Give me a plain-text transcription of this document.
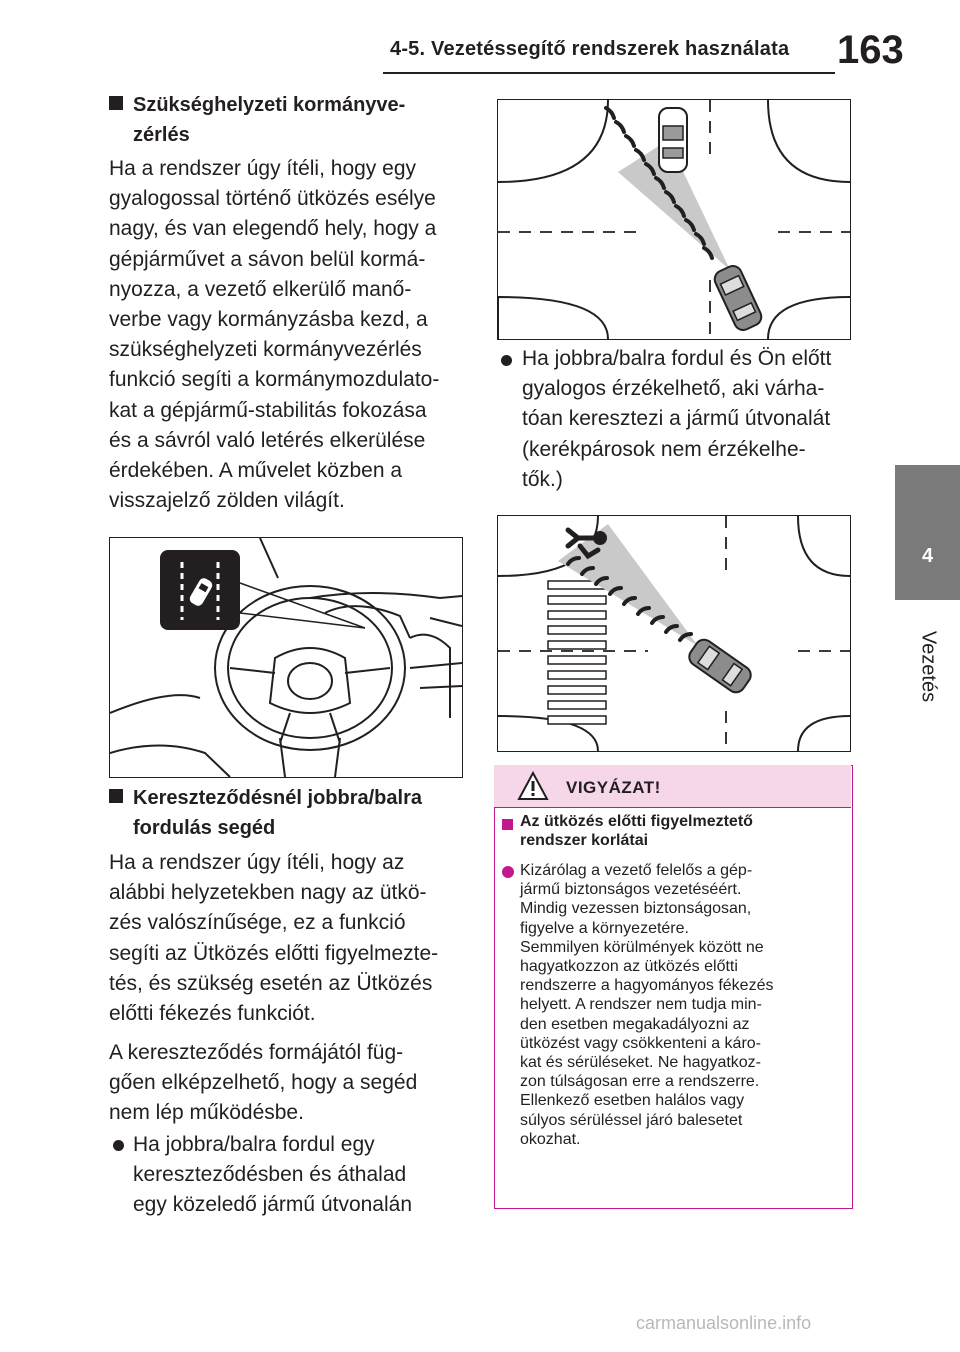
4-5. Vezetéssegítő rendszerek használata 163
4
Vezetés
Szükséghelyzeti kormányve-
zérlés
Ha a rendszer úgy ítéli, hogy egy
gyalogossal történő ütközés esélye
nagy, és van elegendő hely, hogy a
gépjárművet a sávon belül kormá-
nyozza, a vezető elkerülő manő-
verbe vagy kormányzásba kezd, a
szükséghelyzeti kormányvezérlés
funkció segíti a kormánymozdulato-
kat a gépjármű-stabilitás fokozása
és a sávról való letérés elkerülése
érdekében. A művelet közben a
visszajelző zölden világít.
Kereszteződésnél jobbra/balra
fordulás segéd
Ha a rendszer úgy ítéli, hogy az
alábbi helyzetekben nagy az ütkö-
zés valószínűsége, ez a funkció
segíti az Ütközés előtti figyelmezte-
tés, és szükség esetén az Ütközés
előtti fékezés funkciót.
A kereszteződés formájától füg-
gően elképzelhető, hogy a segéd
nem lép működésbe.
Ha jobbra/balra fordul egy
kereszteződésben és áthalad
egy közeledő jármű útvonalán
Ha jobbra/balra fordul és Ön előtt
gyalogos érzékelhető, aki várha-
tóan keresztezi a jármű útvonalát
(kerékpárosok nem érzékelhe-
tők.)
VIGYÁZAT!
Az ütközés előtti figyelmeztető
rendszer korlátai
Kizárólag a vezető felelős a gép-
jármű biztonságos vezetéséért.
Mindig vezessen biztonságosan,
figyelve a környezetére.
Semmilyen körülmények között ne
hagyatkozzon az ütközés előtti
rendszerre a hagyományos fékezés
helyett. A rendszer nem tudja min-
den esetben megakadályozni az
ütközést vagy csökkenteni a káro-
kat és sérüléseket. Ne hagyatkoz-
zon túlságosan erre a rendszerre.
Ellenkező esetben halálos vagy
súlyos sérüléssel járó balesetet
okozhat.
carmanualsonline.info
